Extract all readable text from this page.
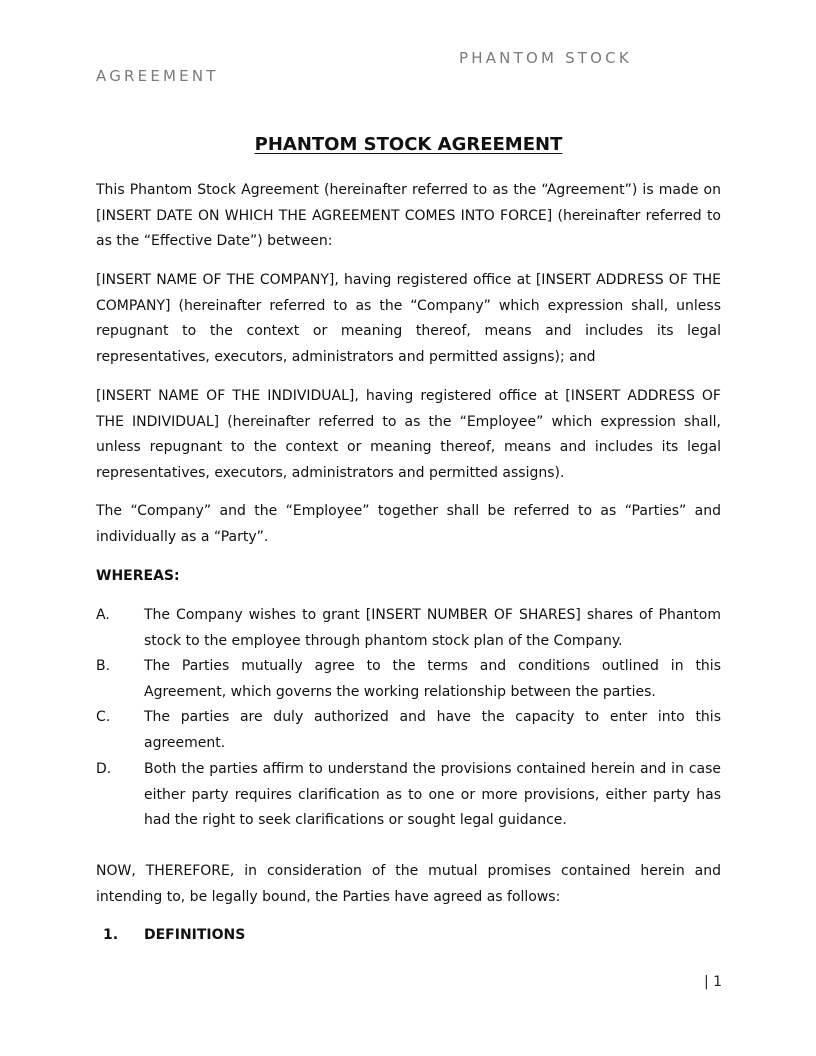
PHANTOM STOCK
AGREEMENT
PHANTOM STOCK AGREEMENT

This Phantom Stock Agreement (hereinafter referred to as the “Agreement”) is made on [INSERT DATE ON WHICH THE AGREEMENT COMES INTO FORCE] (hereinafter referred to as the “Effective Date”) between:

[INSERT NAME OF THE COMPANY], having registered office at [INSERT ADDRESS OF THE COMPANY] (hereinafter referred to as the “Company” which expression shall, unless repugnant to the context or meaning thereof, means and includes its legal representatives, executors, administrators and permitted assigns); and

[INSERT NAME OF THE INDIVIDUAL], having registered office at [INSERT ADDRESS OF THE INDIVIDUAL] (hereinafter referred to as the “Employee” which expression shall, unless repugnant to the context or meaning thereof, means and includes its legal representatives, executors, administrators and permitted assigns).

The “Company” and the “Employee” together shall be referred to as “Parties” and individually as a “Party”.

WHEREAS:
A. The Company wishes to grant [INSERT NUMBER OF SHARES] shares of Phantom stock to the employee through phantom stock plan of the Company.
B. The Parties mutually agree to the terms and conditions outlined in this Agreement, which governs the working relationship between the parties.
C. The parties are duly authorized and have the capacity to enter into this agreement.
D. Both the parties affirm to understand the provisions contained herein and in case either party requires clarification as to one or more provisions, either party has had the right to seek clarifications or sought legal guidance.

NOW, THEREFORE, in consideration of the mutual promises contained herein and intending to, be legally bound, the Parties have agreed as follows:

1. DEFINITIONS
| 1
